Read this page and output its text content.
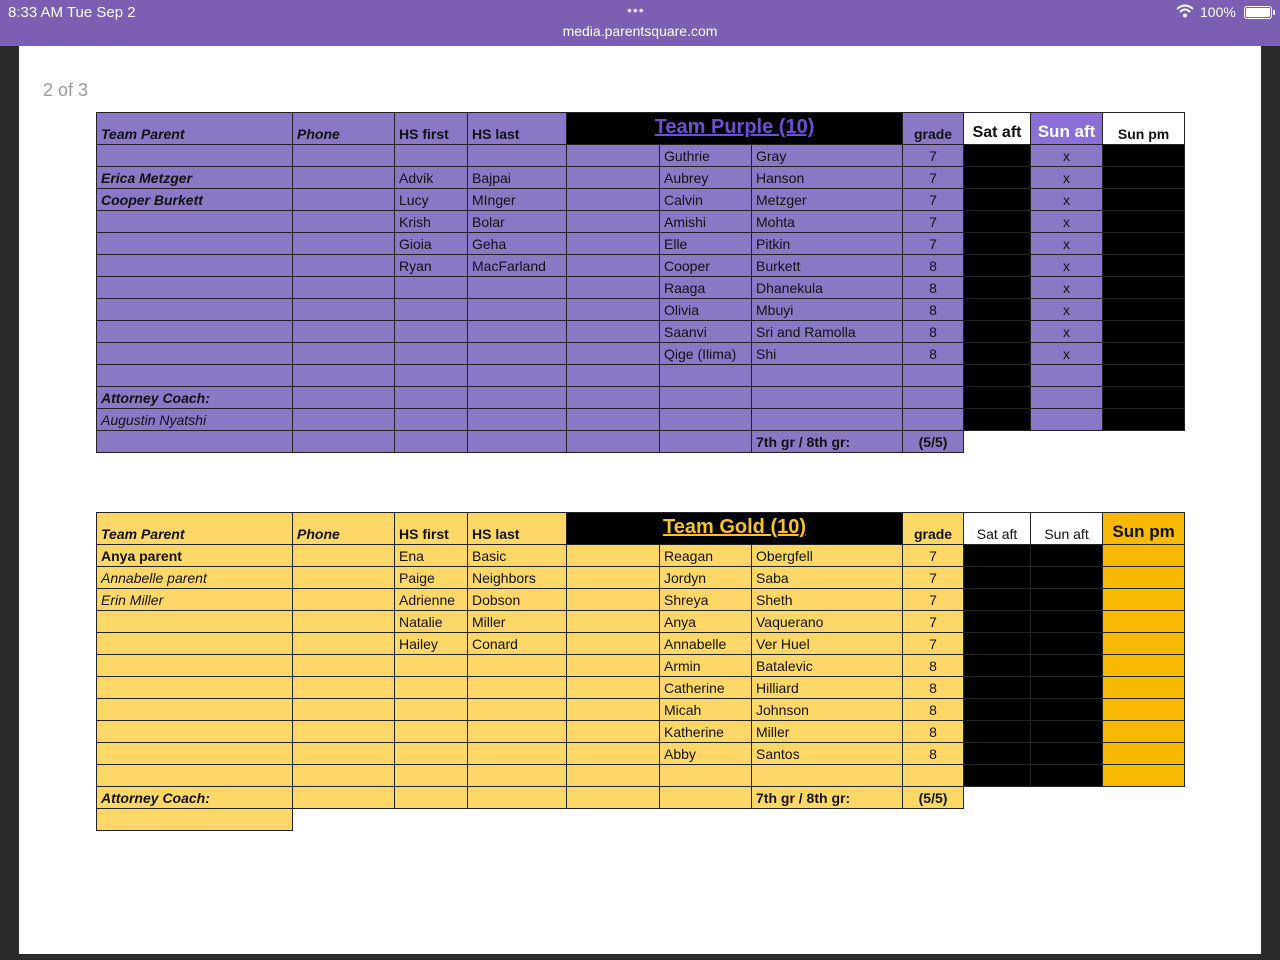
8:33 AM Tue Sep 2	•••
media.parentsquare.com
100%
2 of 3
Team Parent	Phone	HS first	HS last	Team Purple (10)			grade	Sat aft	Sun aft	Sun pm
					Guthrie	Gray	7		x	
Erica Metzger		Advik	Bajpai		Aubrey	Hanson	7		x	
Cooper Burkett		Lucy	MInger		Calvin	Metzger	7		x	
		Krish	Bolar		Amishi	Mohta	7		x	
		Gioia	Geha		Elle	Pitkin	7		x	
		Ryan	MacFarland		Cooper	Burkett	8		x	
					Raaga	Dhanekula	8		x	
					Olivia	Mbuyi	8		x	
					Saanvi	Sri and Ramolla	8		x	
					Qige (Ilima)	Shi	8		x	

Attorney Coach:										
Augustin Nyatshi										
						7th gr / 8th gr:	(5/5)			
Team Parent	Phone	HS first	HS last	Team Gold (10)			grade	Sat aft	Sun aft	Sun pm
Anya parent		Ena	Basic		Reagan	Obergfell	7			
Annabelle parent		Paige	Neighbors		Jordyn	Saba	7			
Erin Miller		Adrienne	Dobson		Shreya	Sheth	7			
		Natalie	Miller		Anya	Vaquerano	7			
		Hailey	Conard		Annabelle	Ver Huel	7			
					Armin	Batalevic	8			
					Catherine	Hilliard	8			
					Micah	Johnson	8			
					Katherine	Miller	8			
					Abby	Santos	8			

Attorney Coach:						7th gr / 8th gr:	(5/5)			
